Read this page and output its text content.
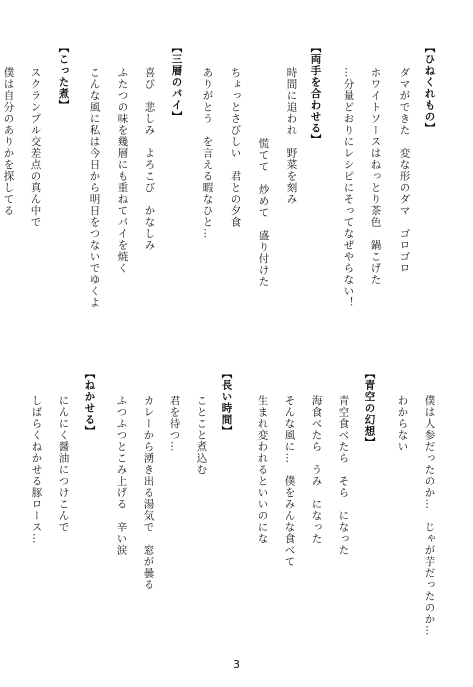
【ひねくれもの】
ダマができた　変な形のダマ　ゴロゴロ
ホワイトソースはねっとり茶色　鍋こげた
…分量どおりにレシピにそってなぜやらない！
【両手を合わせる】
時間に追われ　野菜を刻み
慌てて　炒めて　盛り付けた
ちょっとさびしい　君との夕食
ありがとう　を言える暇なひと…
【三層のパイ】
喜び　悲しみ　よろこび　かなしみ
ふたつの味を幾層にも重ねてパイを焼く
こんな風に私は今日から明日をつないでゆくよ
【こった煮】
スクランブル交差点の真ん中で
僕は自分のありかを探してる
僕は人参だったのか…　じゃが芋だったのか…
わからない
【青空の幻想】
青空食べたら　そら　になった
海食べたら　うみ　になった
そんな風に…　僕をみんな食べて
生まれ変われるといいのにな
【長い時間】
ことこと煮込む
君を待つ…
カレーから湧き出る湯気で　窓が曇る
ふつふつとこみ上げる　辛い涙
【ねかせる】
にんにく醤油につけこんで
しばらくねかせる豚ロース…
3
